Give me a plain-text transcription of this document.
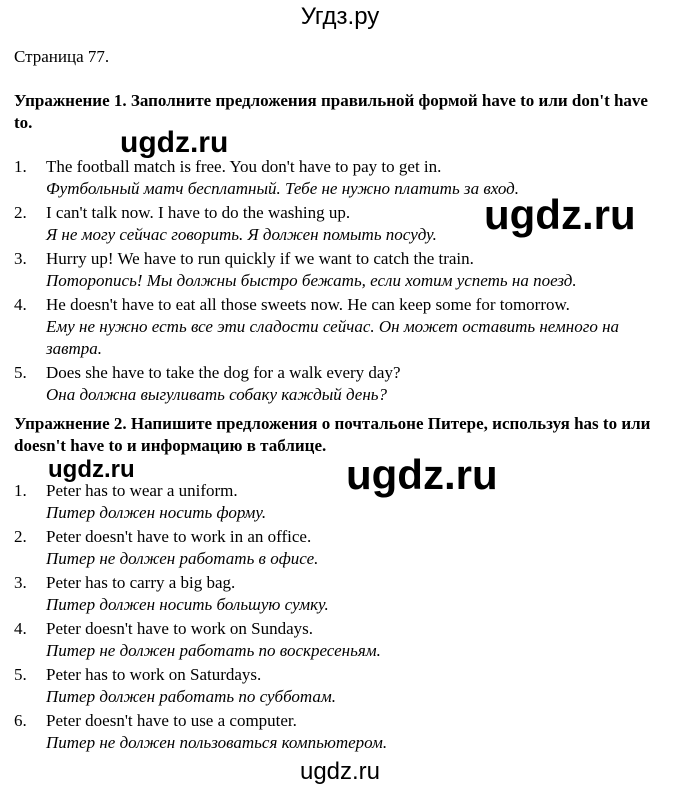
Угдз.ру
Страница 77.
Упражнение 1. Заполните предложения правильной формой have to или don't have to.
1. The football match is free. You don't have to pay to get in.
Футбольный матч бесплатный. Тебе не нужно платить за вход.
2. I can't talk now. I have to do the washing up.
Я не могу сейчас говорить. Я должен помыть посуду.
3. Hurry up! We have to run quickly if we want to catch the train.
Поторопись! Мы должны быстро бежать, если хотим успеть на поезд.
4. He doesn't have to eat all those sweets now. He can keep some for tomorrow.
Ему не нужно есть все эти сладости сейчас. Он может оставить немного на завтра.
5. Does she have to take the dog for a walk every day?
Она должна выгуливать собаку каждый день?
Упражнение 2. Напишите предложения о почтальоне Питере, используя has to или doesn't have to и информацию в таблице.
1. Peter has to wear a uniform.
Питер должен носить форму.
2. Peter doesn't have to work in an office.
Питер не должен работать в офисе.
3. Peter has to carry a big bag.
Питер должен носить большую сумку.
4. Peter doesn't have to work on Sundays.
Питер не должен работать по воскресеньям.
5. Peter has to work on Saturdays.
Питер должен работать по субботам.
6. Peter doesn't have to use a computer.
Питер не должен пользоваться компьютером.
ugdz.ru
ugdz.ru
ugdz.ru	ugdz.ru
ugdz.ru
